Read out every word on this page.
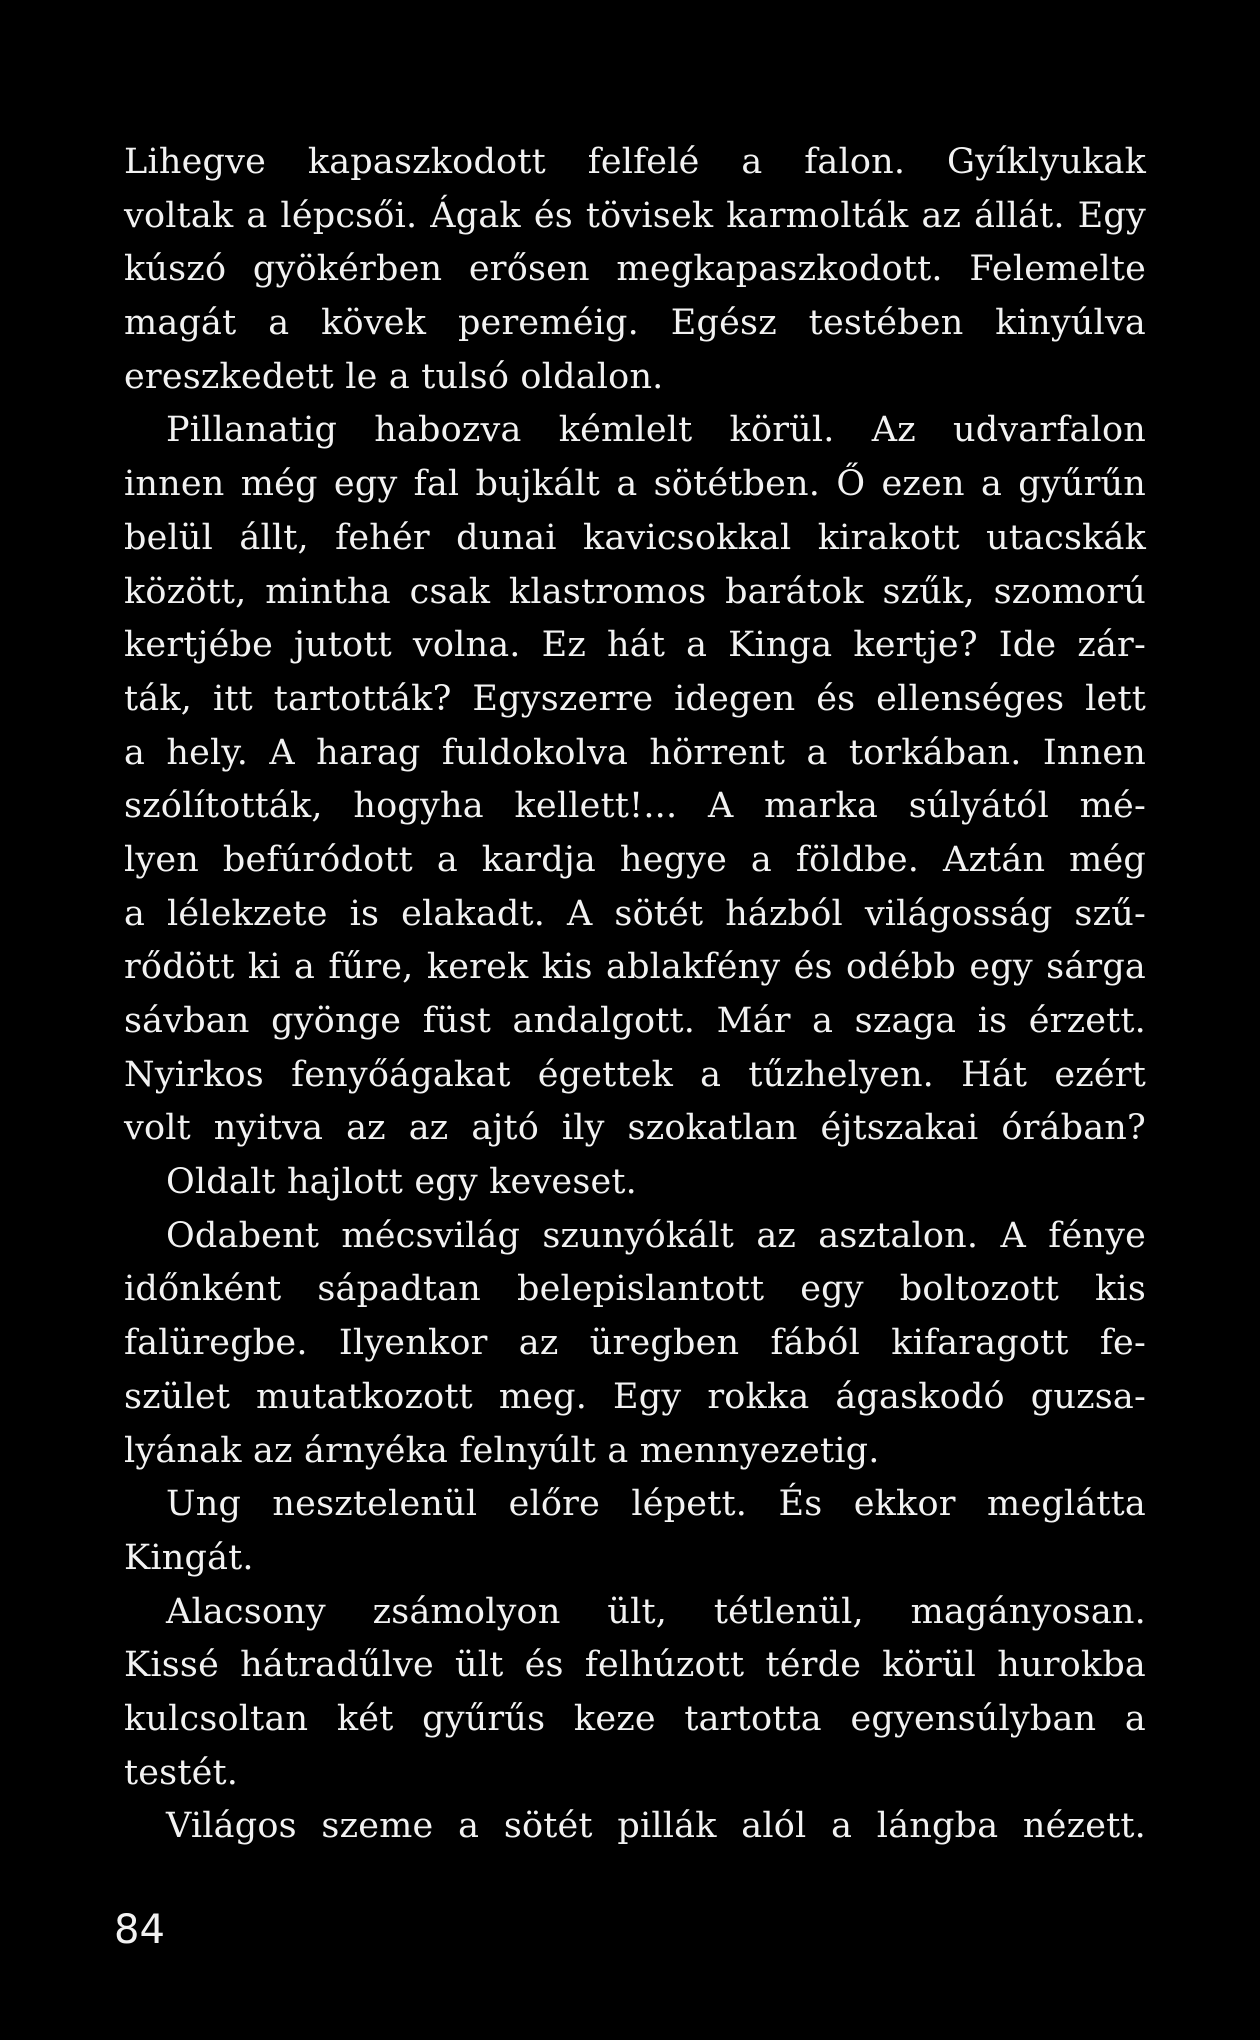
Lihegve kapaszkodott felfelé a falon. Gyíklyukak
voltak a lépcsői. Ágak és tövisek karmolták az állát. Egy
kúszó gyökérben erősen megkapaszkodott. Felemelte
magát a kövek pereméig. Egész testében kinyúlva
ereszkedett le a tulsó oldalon.
Pillanatig habozva kémlelt körül. Az udvarfalon
innen még egy fal bujkált a sötétben. Ő ezen a gyűrűn
belül állt, fehér dunai kavicsokkal kirakott utacskák
között, mintha csak klastromos barátok szűk, szomorú
kertjébe jutott volna. Ez hát a Kinga kertje? Ide zár-
ták, itt tartották? Egyszerre idegen és ellenséges lett
a hely. A harag fuldokolva hörrent a torkában. Innen
szólították, hogyha kellett!... A marka súlyától mé-
lyen befúródott a kardja hegye a földbe. Aztán még
a lélekzete is elakadt. A sötét házból világosság szű-
rődött ki a fűre, kerek kis ablakfény és odébb egy sárga
sávban gyönge füst andalgott. Már a szaga is érzett.
Nyirkos fenyőágakat égettek a tűzhelyen. Hát ezért
volt nyitva az az ajtó ily szokatlan éjtszakai órában?
Oldalt hajlott egy keveset.
Odabent mécsvilág szunyókált az asztalon. A fénye
időnként sápadtan belepislantott egy boltozott kis
falüregbe. Ilyenkor az üregben fából kifaragott fe-
szület mutatkozott meg. Egy rokka ágaskodó guzsa-
lyának az árnyéka felnyúlt a mennyezetig.
Ung nesztelenül előre lépett. És ekkor meglátta
Kingát.
Alacsony zsámolyon ült, tétlenül, magányosan.
Kissé hátradűlve ült és felhúzott térde körül hurokba
kulcsoltan két gyűrűs keze tartotta egyensúlyban a
testét.
Világos szeme a sötét pillák alól a lángba nézett.
84
